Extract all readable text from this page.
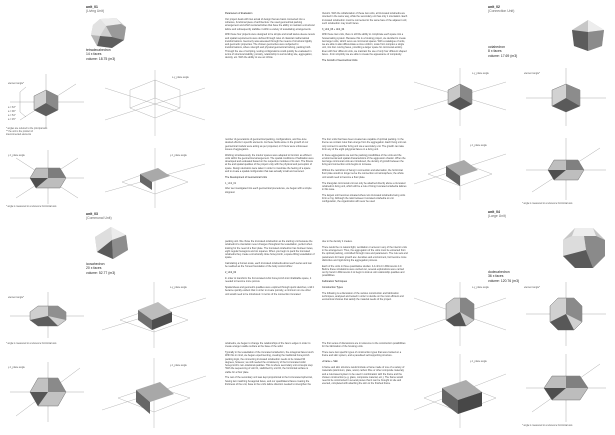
unit_01
(Living Unit)
tetradecahedron
14 x faces
volume: 18.75 (m3)
unit_02
(Connection Unit)
octahedron
8 x faces
volume: 17.69 (m3)
unit_03
(Communal Unit)
icosahedron
20 x faces
volume: 52.77 (m3)
unit_04
(Large Unit)
dodecahedron
36 x faces
volume: 120.76 (m3)
element angle*
a = 63°
a = 90°
a = 54°
a = 45°
* angles are referred to the principal axis
** the unit is the product of
interconnected elements
x-y_plane angle
y-z_plane angle
* angle is measured to a reference horizontal axis
y-z_plane angle
element angle*
* angle is measured to a reference horizontal axis
x-y_plane angle
y-z_plane angle
y-z_plane angle
x-y_plane angle	element angle*
y-z_plane angle
* angle is measured to a reference horizontal axis
x-y_plane angle	element angle*
y-z_plane angle
* angle is measured to a reference horizontal axis

Parameters of Evaluation

Our project deals with two actual of design that are basic connected into a cohesive, functional piece of architecture: the used geometrical packing arrangement and which social activities that have the ability to maintain a structural lattice and subsequently stabilise it within a variety of tessellating arrangements.

With these four projects were designed to be simple and small twelve-sleeve tenets and spatial requirements were defined through rules of classical mathematical transformations. Geometry was assessed through the means of structural rigidity and geometric properties. The chosen geometries were subjected to transformations, where strength and physical geometrical locking, packing both. Through the use of scripting, testing configurations could quickly be evaluated in terms of structural stability, porosity, relationship to surrounding site, aggregation, density, etc. With the ability to use an infinite

number of generations of geometrical packing, configurations, and fine-tune desired effects in specific elements. As these fields arose in the growth of our geometrical models were acting as per projected, or if there were unforeseen issues of aggregation.

Working simultaneously, the interior spaces were adapted to function as efficient units within the geometrical arrangement. The spatial conditions of habitation were developed and evaluated based on the respective modules of its own. The fitness at the and spatial qualities of the project unity with the physical and perception of space. Design decisions were taken in order to maximise the feeling of a space and to create a spatial configuration that was actually small and centered.

The Development of Geometrical Units

1_Unit_01

After we investigated into each geometrical precedence, we began with a simple sloppiest

packing unit. We chose the truncated octahedron as the starting unit because the octahedron's orientation never changes throughout the tessellation, perfect when looking for the need of a floor plate. The truncated octahedron has fourteen faces, eight regular hexagons and six squares. When you begin to pack the truncated octahedra they create a structurally close honeycomb, a space-filling tessellation of space.

Calculating a human scale, each truncated octahedra about each series and can be realized as the 'honest foundation of the body control office.'

2_Unit_02

In order to transform the bi-truncated cubic honeycomb into inhabitable space, it needed to become more porous.

Spatial ideas and geometric qualities were explored through quick sketches, until it became quickly evident that in order to create porosity, a minimum on one other unit would need to be introduced. In terms of the connection truncated

octahedra, we began to change the relationships of the face's edges in order to create a larger usable surface at the base of the solid.

Typically in the tessellation of the truncated octahedron, the octagonal faces touch. With this in mind, we began experimenting, creating the traditional honeycomb packing logic, the connecting truncated octahedron needs to be rotated 90 degrees, however, we still needed the consistency of the bi-truncated cubic honeycomb's non-rotational qualities. This is where secondary unit concepts step: 'With the sequencing of unit 01, stabilized by unit 02, the horizontal surface is viable for a floor plate.

The rest of the secondary unit was kept proportional to the bi-truncated spherical, having two matching hexagonal faces, and our quadrilateral faces creating the thickness of the unit, base to the unit's lattice direction needed to strengthen the

rhetoric. With the collaboration of these two units, all truncated octahedra are oriented in the same way, while the secondary unit has only 1 orientation. Each truncated octahedron must be connected to the same face of the adjacent unit; such octahedron may touch faces.

3_Unit_03 + Unit_04

With these two units, there is still the ability to complicate each space into a housemaking system. Because this is a housing project, we decided to create two larger units, which serve as communal spaces. With a catalogue of units, we are able to also differentiate a once uniform, scale from complex a single unit, into four curving faces, providing a larger space for communal activity. Even with four different units, we maintain the use of only four different shaped faces - from simplicity we are able to create the appearance of complexity.

The Growth of Geometrical Units

The four units that have been created are capable of optimal packing. In the theme we contain rules that emerge from the aggregation. Each living unit can only connect to another living unit via a secondary unit. The growth can take form any of the eight polygonal faces on a living unit.

In these aggregations we test the packing possibilities of the units and the environmental and spatial characteristics of the aggression chaotic. When the two large communal units are introduced, the density of growth between the living and connection units begins to increase.

Without the restriction of being in connection and alternation, the horizontal floor plate would no longer serve the connection unit atmosphere; the whole unit would need to become a floor plate.

The triangular communal unit can only be attached directly above a truncated octahedron living unit, which will be a rule of living truncated octahedra lattices in this case.

The largest unit becomes situated where two truncated octahedra being units form a ring. Although the ratio between truncated octahedra to unit configuration, the organization will never be used

due to the density it creates.

There would be no natural light, ventilation or access in any of the interior units in the arrangement. Thus, the aggregation of the units must be extracted from the optimal packing, controlled through rules and parameters. The rule sets and parameters for basic growth are: densities and environment, but become more distinctive and rigid during the aggregation process.

Each of the units in three quantitative studies: 4-4-4/4-4 in Rhinoceros 4.0. Before these simulations were carried out, several explorations were carried out by hand in Rhinoceros 4 to begin to look at unit relationship qualities and possibilities.

Fabrication Techniques

Construction Types

The following is a discussion of the various construction and fabrication techniques, analysed and tested in order to decide on the most efficient and economical choices that satisfy the material needs of the project.

The first series of discussions are in reference to the construction possibilities for the fabrication of the housing units.

There were two specific types of construction types that were looked at: a frame and skin system, and a panelised self-supporting structure.

+Frame + Skin

A frame and skin structure would include a frame made of one of a variety of materials (aluminium, plate, wood, carbon fibre or other composite material), and a rule-based system to be used in combination with the frame and the chosen construction (e.g. glass, composite material, etc.). The frame would need to be constructed in several pieces that it can be brought to site and erected, completed with attaching the skin to the finished frame.
